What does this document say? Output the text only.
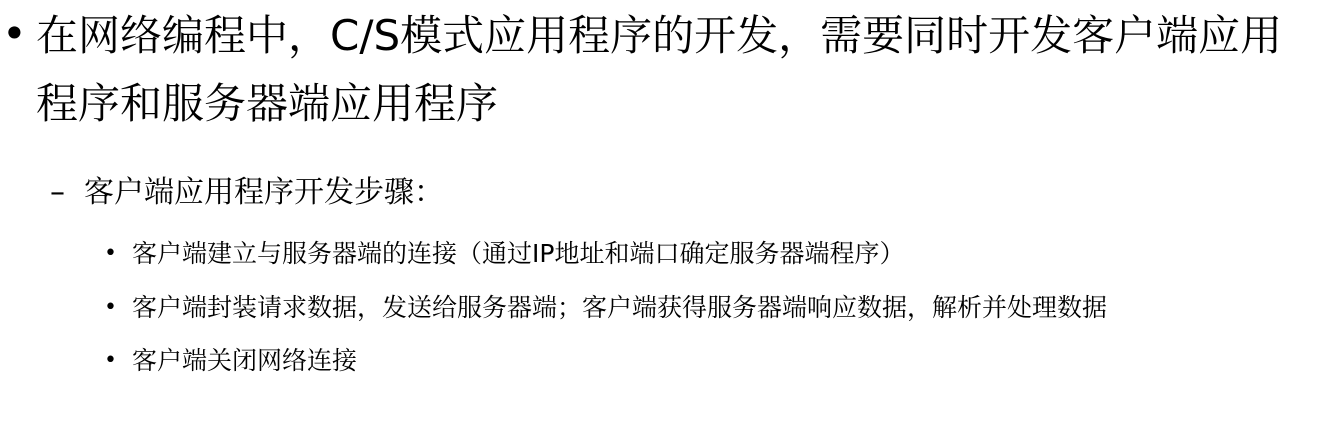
• 在网络编程中，C/S模式应用程序的开发，需要同时开发客户端应用程序和服务器端应用程序
– 客户端应用程序开发步骤：
• 客户端建立与服务器端的连接（通过IP地址和端口确定服务器端程序）
• 客户端封装请求数据，发送给服务器端；客户端获得服务器端响应数据，解析并处理数据
• 客户端关闭网络连接
